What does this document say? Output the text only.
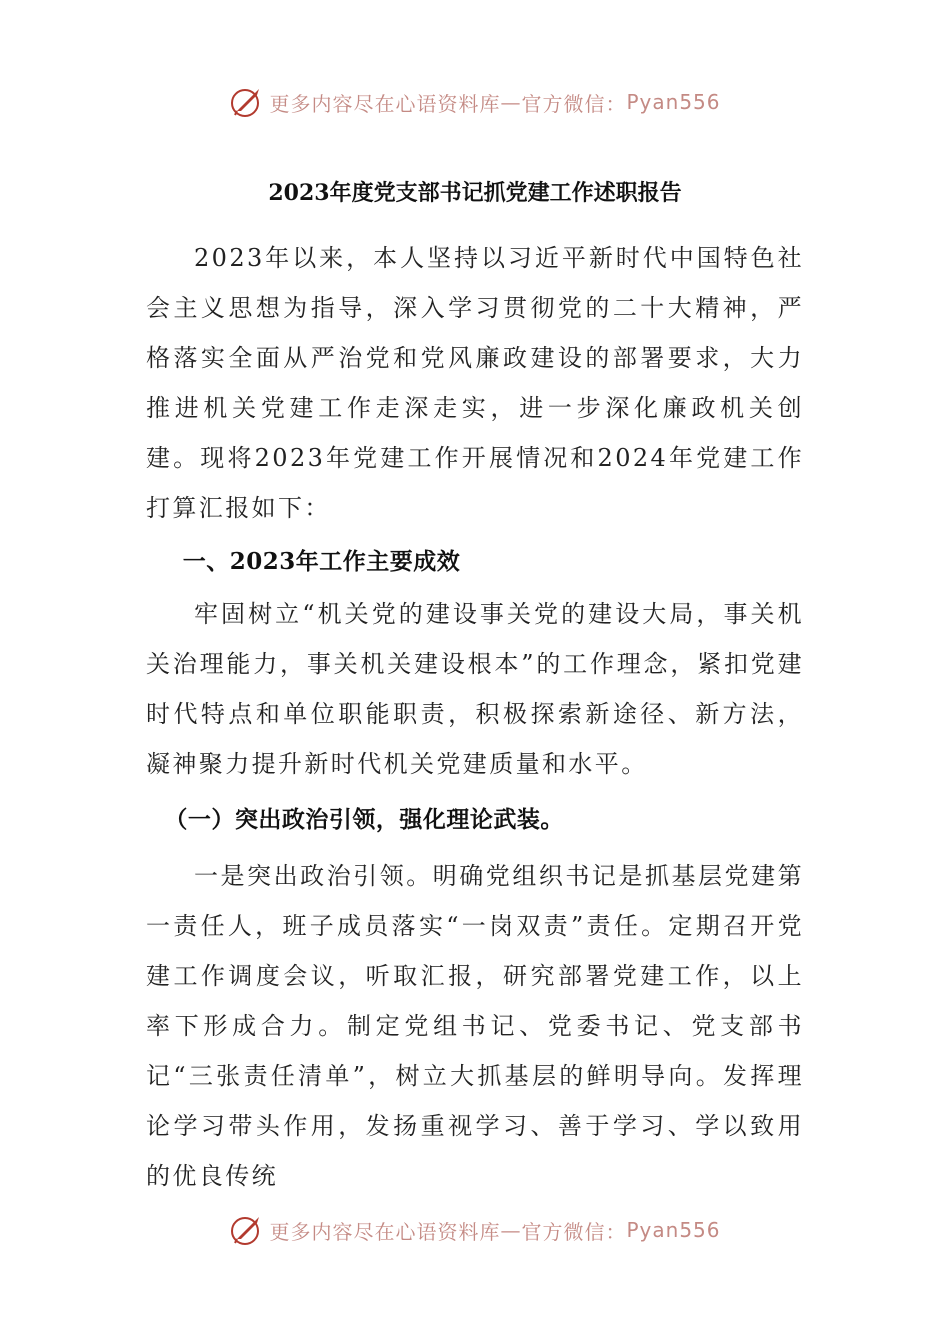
更多内容尽在心语资料库 — 官方微信： Pyan556
2023年度党支部书记抓党建工作述职报告

2023年以来，本人坚持以习近平新时代中国特色社会主义思想为指导，深入学习贯彻党的二十大精神，严格落实全面从严治党和党风廉政建设的部署要求，大力推进机关党建工作走深走实，进一步深化廉政机关创建。现将2023年党建工作开展情况和2024年党建工作打算汇报如下：

一、2023年工作主要成效

牢固树立“机关党的建设事关党的建设大局，事关机关治理能力，事关机关建设根本”的工作理念，紧扣党建时代特点和单位职能职责，积极探索新途径、新方法，凝神聚力提升新时代机关党建质量和水平。

（一）突出政治引领，强化理论武装。

一是突出政治引领。明确党组织书记是抓基层党建第一责任人，班子成员落实“一岗双责”责任。定期召开党建工作调度会议，听取汇报，研究部署党建工作，以上率下形成合力。制定党组书记、党委书记、党支部书记“三张责任清单”，树立大抓基层的鲜明导向。发挥理论学习带头作用，发扬重视学习、善于学习、学以致用的优良传统

更多内容尽在心语资料库 — 官方微信： Pyan556
